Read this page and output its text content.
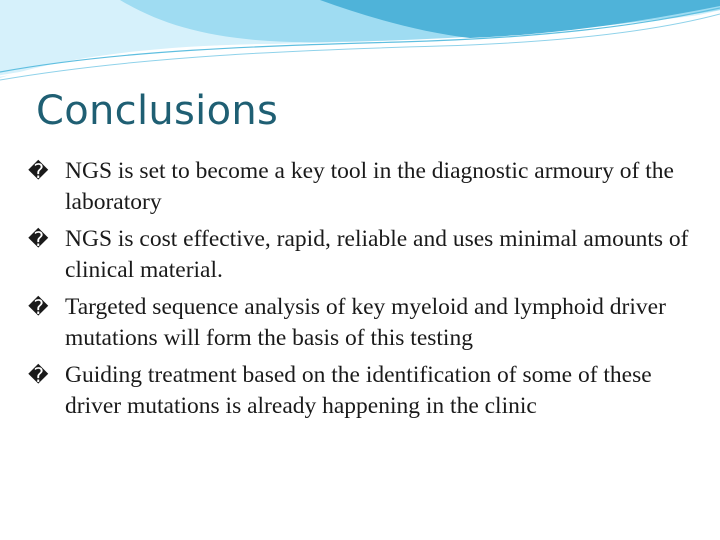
Conclusions
� NGS is set to become a key tool in the diagnostic armoury of the laboratory
� NGS is cost effective, rapid, reliable and uses minimal amounts of clinical material.
� Targeted sequence analysis of key myeloid and lymphoid driver mutations will form the basis of this testing
� Guiding treatment based on the identification of some of these driver mutations is already happening in the clinic
